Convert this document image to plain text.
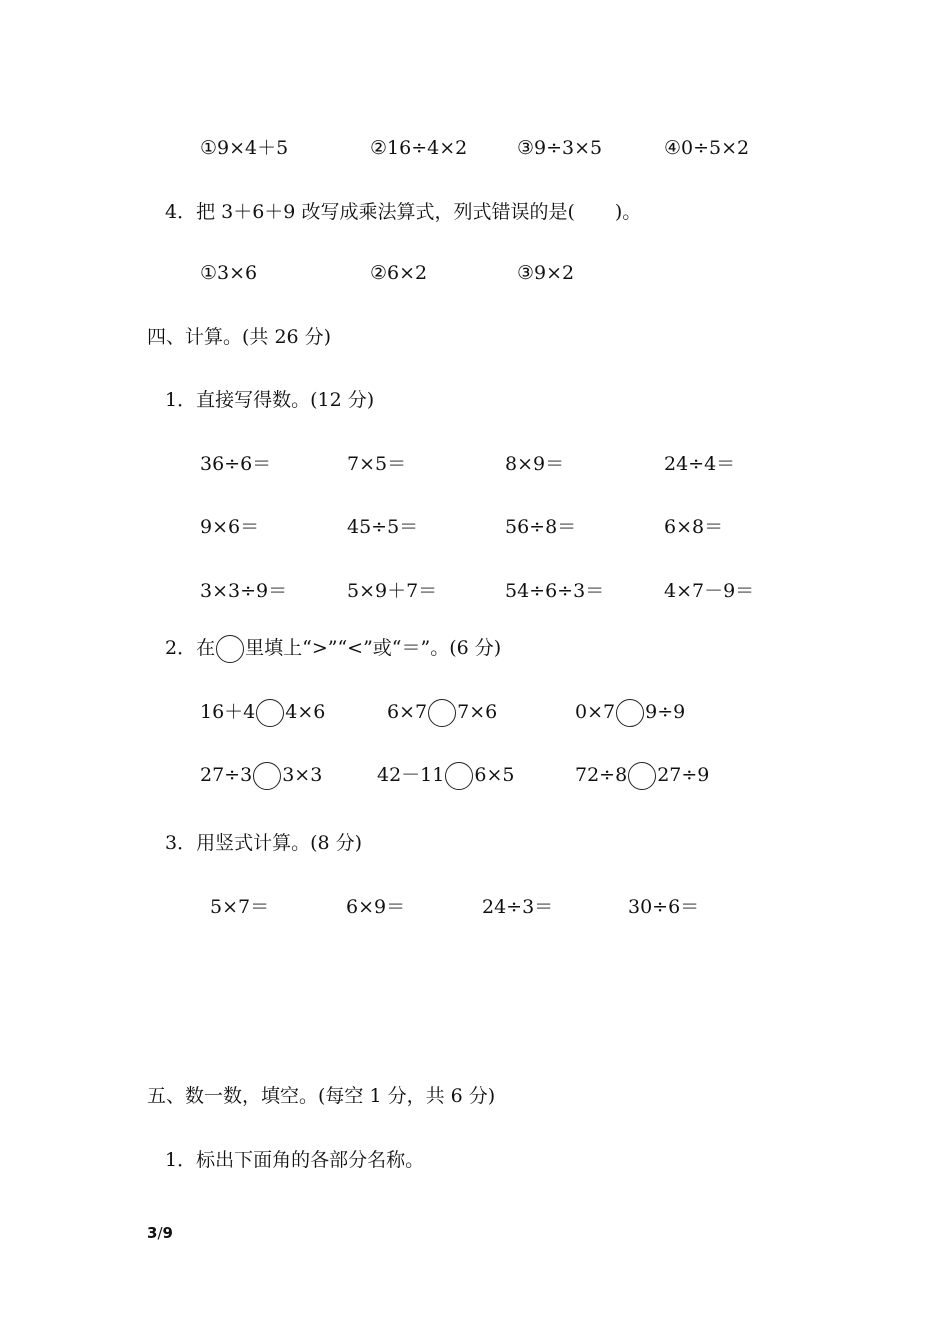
①9×4＋5	②16÷4×2	③9÷3×5	④0÷5×2
4．把 3＋6＋9 改写成乘法算式，列式错误的是( )。
①3×6	②6×2	③9×2
四、计算。(共 26 分)
1．直接写得数。(12 分)
36÷6＝	7×5＝	8×9＝	24÷4＝
9×6＝	45÷5＝	56÷8＝	6×8＝
3×3÷9＝	5×9＋7＝	54÷6÷3＝	4×7－9＝
2．在 里填上“>”“<”或“＝”。(6 分)
16＋4 4×6	6×7 7×6	0×7 9÷9
27÷3 3×3	42－11 6×5	72÷8 27÷9
3．用竖式计算。(8 分)
5×7＝	6×9＝	24÷3＝	30÷6＝
五、数一数，填空。(每空 1 分，共 6 分)
1．标出下面角的各部分名称。
3/9
